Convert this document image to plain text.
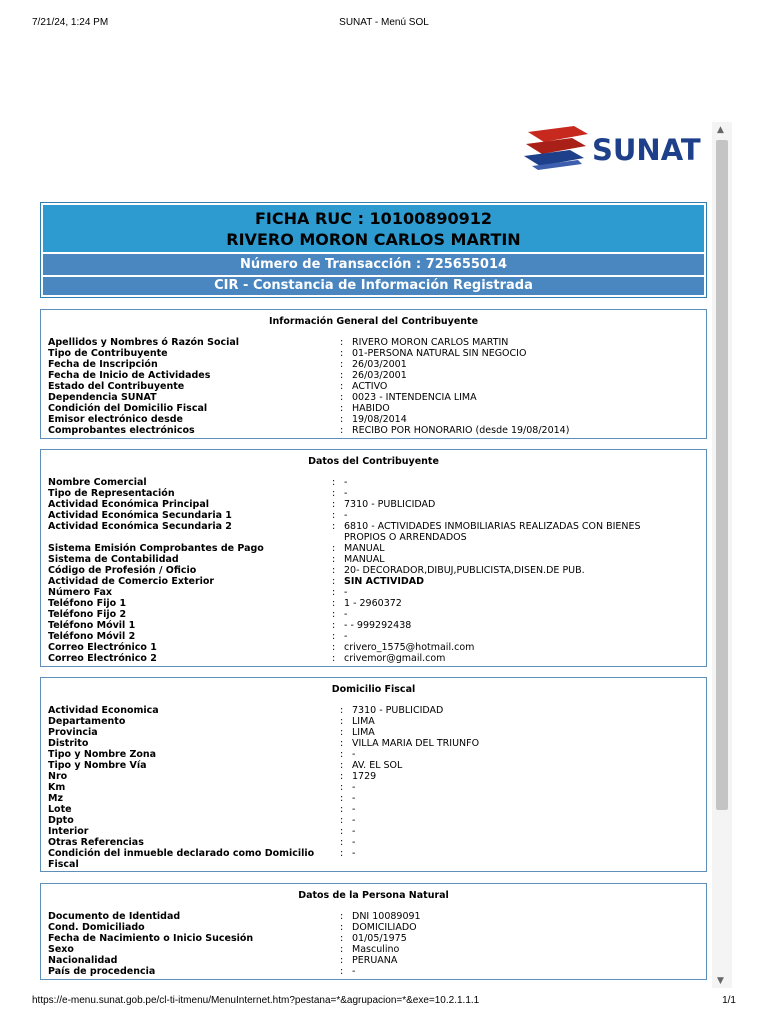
7/21/24, 1:24 PM	SUNAT - Menú SOL
SUNAT
▲
▼
FICHA RUC : 10100890912
RIVERO MORON CARLOS MARTIN
Número de Transacción : 725655014
CIR - Constancia de Información Registrada
Información General del Contribuyente
Apellidos y Nombres ó Razón Social	: RIVERO MORON CARLOS MARTIN
Tipo de Contribuyente	: 01-PERSONA NATURAL SIN NEGOCIO
Fecha de Inscripción	: 26/03/2001
Fecha de Inicio de Actividades	: 26/03/2001
Estado del Contribuyente	: ACTIVO
Dependencia SUNAT	: 0023 - INTENDENCIA LIMA
Condición del Domicilio Fiscal	: HABIDO
Emisor electrónico desde	: 19/08/2014
Comprobantes electrónicos	: RECIBO POR HONORARIO (desde 19/08/2014)
Datos del Contribuyente
Nombre Comercial	: -
Tipo de Representación	: -
Actividad Económica Principal	: 7310 - PUBLICIDAD
Actividad Económica Secundaria 1	: -
Actividad Económica Secundaria 2	: 6810 - ACTIVIDADES INMOBILIARIAS REALIZADAS CON BIENES

PROPIOS O ARRENDADOS
Sistema Emisión Comprobantes de Pago	: MANUAL
Sistema de Contabilidad	: MANUAL
Código de Profesión / Oficio	: 20- DECORADOR,DIBUJ,PUBLICISTA,DISEN.DE PUB.
Actividad de Comercio Exterior	: SIN ACTIVIDAD
Número Fax	: -
Teléfono Fijo 1	: 1 - 2960372
Teléfono Fijo 2	: -
Teléfono Móvil 1	: - - 999292438
Teléfono Móvil 2	: -
Correo Electrónico 1	: crivero_1575@hotmail.com
Correo Electrónico 2	: crivemor@gmail.com
Domicilio Fiscal
Actividad Economica	: 7310 - PUBLICIDAD
Departamento	: LIMA
Provincia	: LIMA
Distrito	: VILLA MARIA DEL TRIUNFO
Tipo y Nombre Zona	: -
Tipo y Nombre Vía	: AV. EL SOL
Nro	: 1729
Km	: -
Mz	: -
Lote	: -
Dpto	: -
Interior	: -
Otras Referencias	: -
Condición del inmueble declarado como Domicilio	: -
Fiscal
Datos de la Persona Natural
Documento de Identidad	: DNI 10089091
Cond. Domiciliado	: DOMICILIADO
Fecha de Nacimiento o Inicio Sucesión	: 01/05/1975
Sexo	: Masculino
Nacionalidad	: PERUANA
País de procedencia	: -
https://e-menu.sunat.gob.pe/cl-ti-itmenu/MenuInternet.htm?pestana=*&agrupacion=*&exe=10.2.1.1.1	1/1
